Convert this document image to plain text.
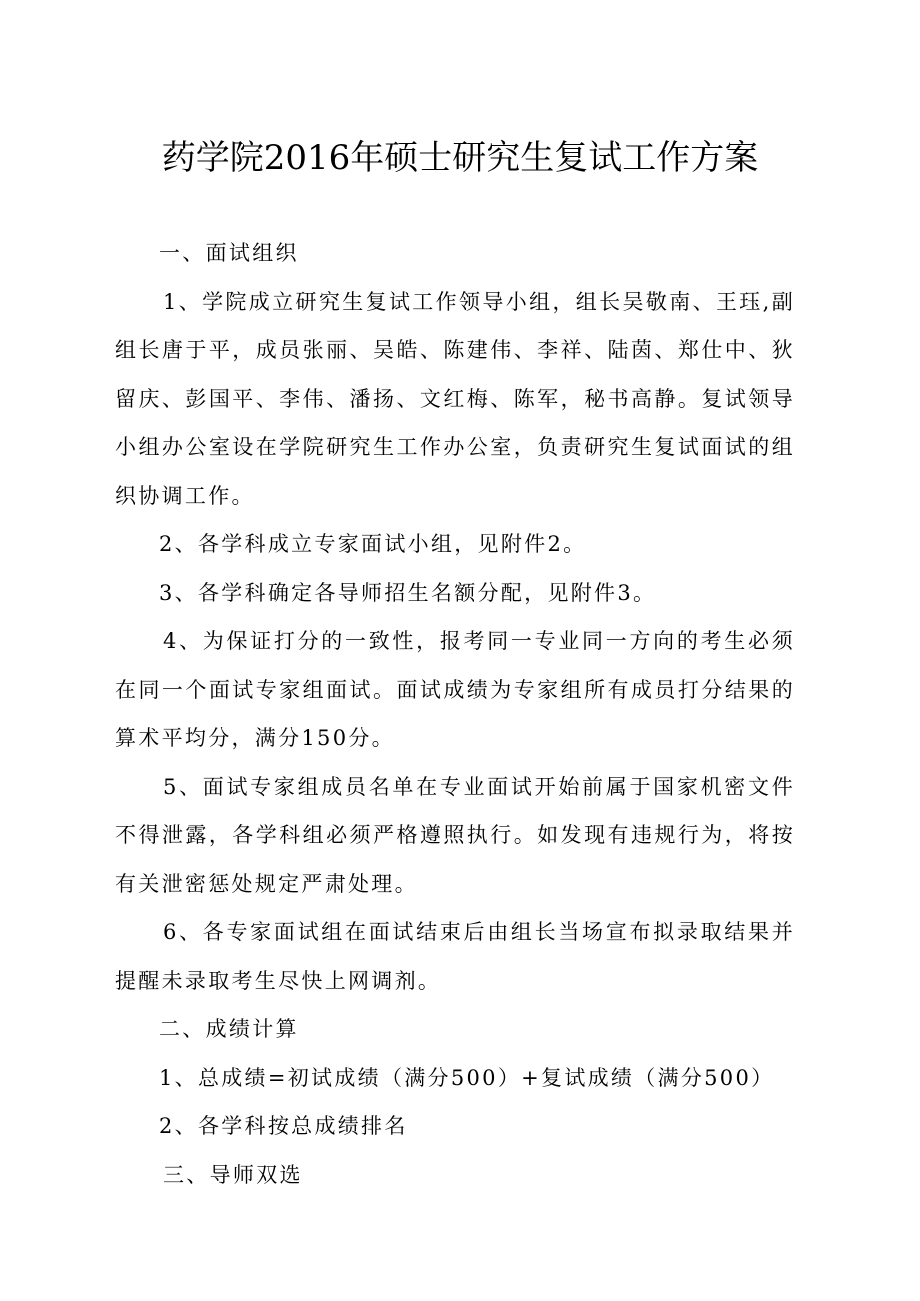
药学院2016年硕士研究生复试工作方案

一、面试组织

1、学院成立研究生复试工作领导小组，组长吴敬南、王珏,副组长唐于平，成员张丽、吴皓、陈建伟、李祥、陆茵、郑仕中、狄留庆、彭国平、李伟、潘扬、文红梅、陈军，秘书高静。复试领导小组办公室设在学院研究生工作办公室，负责研究生复试面试的组织协调工作。

2、各学科成立专家面试小组，见附件2。

3、各学科确定各导师招生名额分配，见附件3。

4、为保证打分的一致性，报考同一专业同一方向的考生必须在同一个面试专家组面试。面试成绩为专家组所有成员打分结果的算术平均分，满分150分。

5、面试专家组成员名单在专业面试开始前属于国家机密文件不得泄露，各学科组必须严格遵照执行。如发现有违规行为，将按有关泄密惩处规定严肃处理。

6、各专家面试组在面试结束后由组长当场宣布拟录取结果并提醒未录取考生尽快上网调剂。

二、成绩计算

1、总成绩=初试成绩（满分500）+复试成绩（满分500）

2、各学科按总成绩排名

三、导师双选
